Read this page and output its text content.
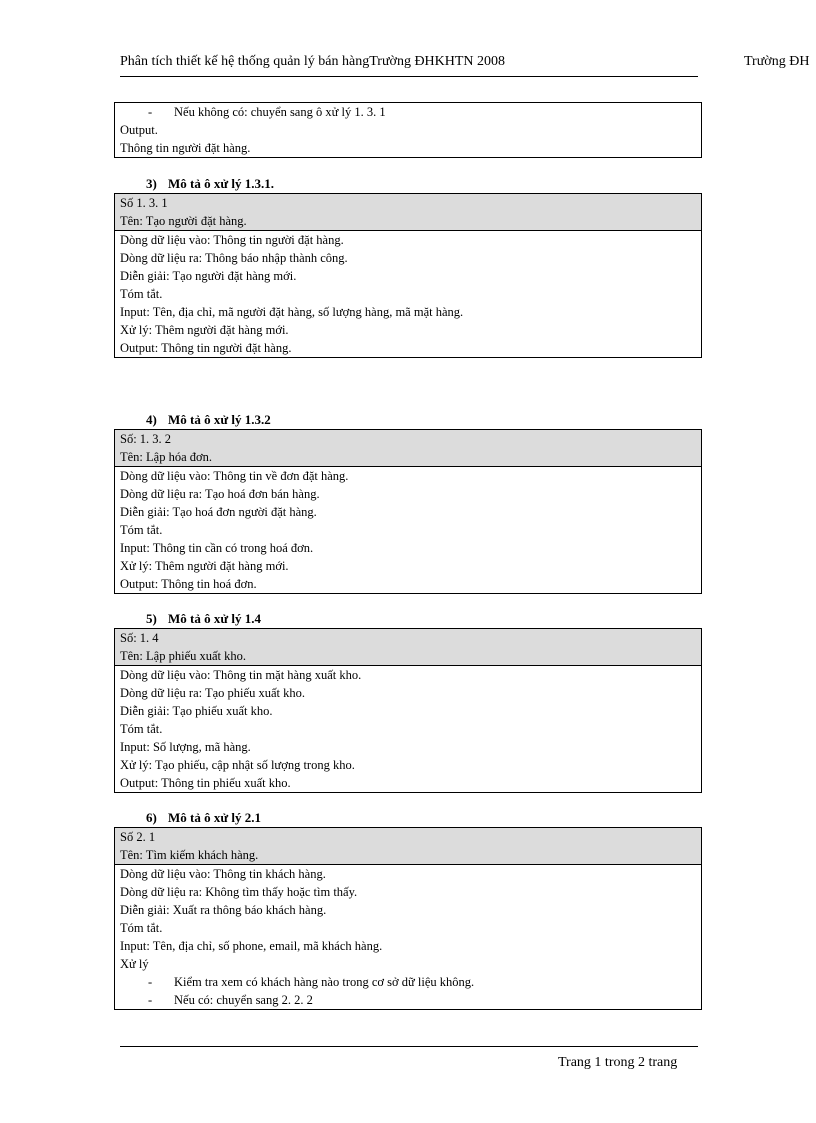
Phân tích thiết kế hệ thống quản lý bán hàngTrường ĐHKHTN 2008	Trường ĐH
- Nếu không có: chuyển sang ô xử lý 1. 3. 1
Output.
Thông tin người đặt hàng.
3) Mô tả ô xử lý 1.3.1.
Số 1. 3. 1
Tên: Tạo người đặt hàng.
Dòng dữ liệu vào: Thông tin người đặt hàng.
Dòng dữ liệu ra: Thông báo nhập thành công.
Diễn giải: Tạo người đặt hàng mới.
Tóm tắt.
Input: Tên, địa chỉ, mã người đặt hàng, số lượng hàng, mã mặt hàng.
Xử lý: Thêm người đặt hàng mới.
Output: Thông tin người đặt hàng.
4) Mô tả ô xử lý 1.3.2
Số: 1. 3. 2
Tên: Lập hóa đơn.
Dòng dữ liệu vào: Thông tin về đơn đặt hàng.
Dòng dữ liệu ra: Tạo hoá đơn bán hàng.
Diễn giải: Tạo hoá đơn người đặt hàng.
Tóm tắt.
Input: Thông tin cần có trong hoá đơn.
Xử lý: Thêm người đặt hàng mới.
Output: Thông tin hoá đơn.
5) Mô tả ô xử lý 1.4
Số: 1. 4
Tên: Lập phiếu xuất kho.
Dòng dữ liệu vào: Thông tin mặt hàng xuất kho.
Dòng dữ liệu ra: Tạo phiếu xuất kho.
Diễn giải: Tạo phiếu xuất kho.
Tóm tắt.
Input: Số lượng, mã hàng.
Xử lý: Tạo phiếu, cập nhật số lượng trong kho.
Output: Thông tin phiếu xuất kho.
6) Mô tả ô xử lý 2.1
Số 2. 1
Tên: Tìm kiếm khách hàng.
Dòng dữ liệu vào: Thông tin khách hàng.
Dòng dữ liệu ra: Không tìm thấy hoặc tìm thấy.
Diễn giải: Xuất ra thông báo khách hàng.
Tóm tắt.
Input: Tên, địa chỉ, số phone, email, mã khách hàng.
Xử lý
- Kiểm tra xem có khách hàng nào trong cơ sở dữ liệu không.
- Nếu có: chuyển sang 2. 2. 2
Trang 1 trong 2 trang
